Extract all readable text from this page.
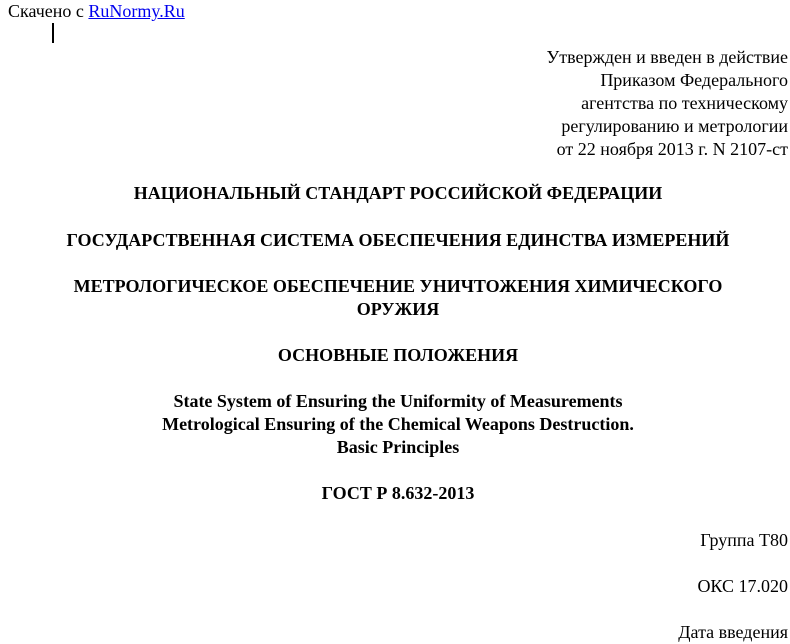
Скачено с RuNormy.Ru
Утвержден и введен в действие
Приказом Федерального
агентства по техническому
регулированию и метрологии
от 22 ноября 2013 г. N 2107-ст
НАЦИОНАЛЬНЫЙ СТАНДАРТ РОССИЙСКОЙ ФЕДЕРАЦИИ
ГОСУДАРСТВЕННАЯ СИСТЕМА ОБЕСПЕЧЕНИЯ ЕДИНСТВА ИЗМЕРЕНИЙ
МЕТРОЛОГИЧЕСКОЕ ОБЕСПЕЧЕНИЕ УНИЧТОЖЕНИЯ ХИМИЧЕСКОГО
ОРУЖИЯ
ОСНОВНЫЕ ПОЛОЖЕНИЯ
State System of Ensuring the Uniformity of Measurements
Metrological Ensuring of the Chemical Weapons Destruction.
Basic Principles
ГОСТ Р 8.632-2013
Группа Т80
ОКС 17.020
Дата введения
